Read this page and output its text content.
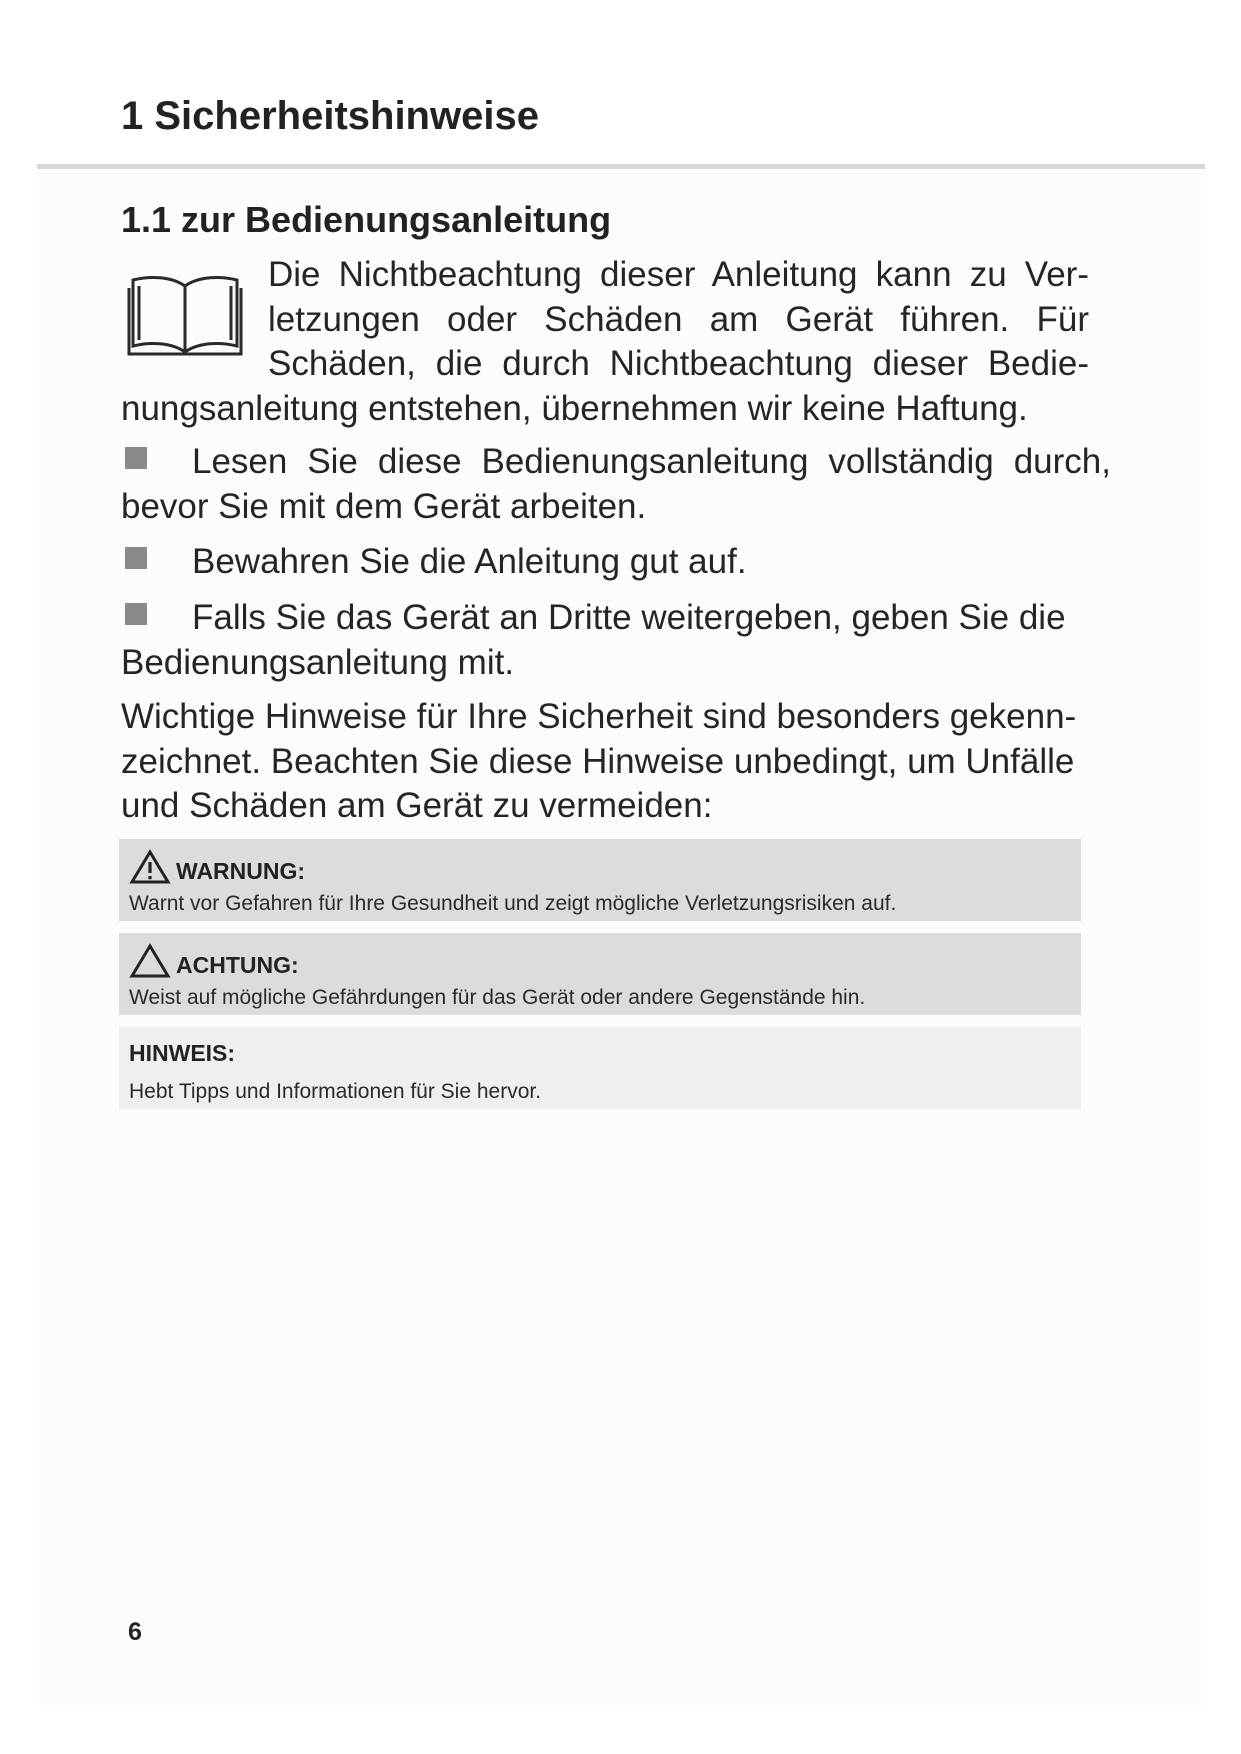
1 Sicherheitshinweise
1.1 zur Bedienungsanleitung
Die Nichtbeachtung dieser Anleitung kann zu Ver-
letzungen oder Schäden am Gerät führen. Für
Schäden, die durch Nichtbeachtung dieser Bedie-
nungsanleitung entstehen, übernehmen wir keine Haftung.
Lesen Sie diese Bedienungsanleitung vollständig durch, bevor Sie mit dem Gerät arbeiten.
Bewahren Sie die Anleitung gut auf.
Falls Sie das Gerät an Dritte weitergeben, geben Sie die Bedienungsanleitung mit.

Wichtige Hinweise für Ihre Sicherheit sind besonders gekenn-zeichnet. Beachten Sie diese Hinweise unbedingt, um Unfälle und Schäden am Gerät zu vermeiden:

WARNUNG:
Warnt vor Gefahren für Ihre Gesundheit und zeigt mögliche Verletzungsrisiken auf.
ACHTUNG:
Weist auf mögliche Gefährdungen für das Gerät oder andere Gegenstände hin.
HINWEIS:
Hebt Tipps und Informationen für Sie hervor.
6
